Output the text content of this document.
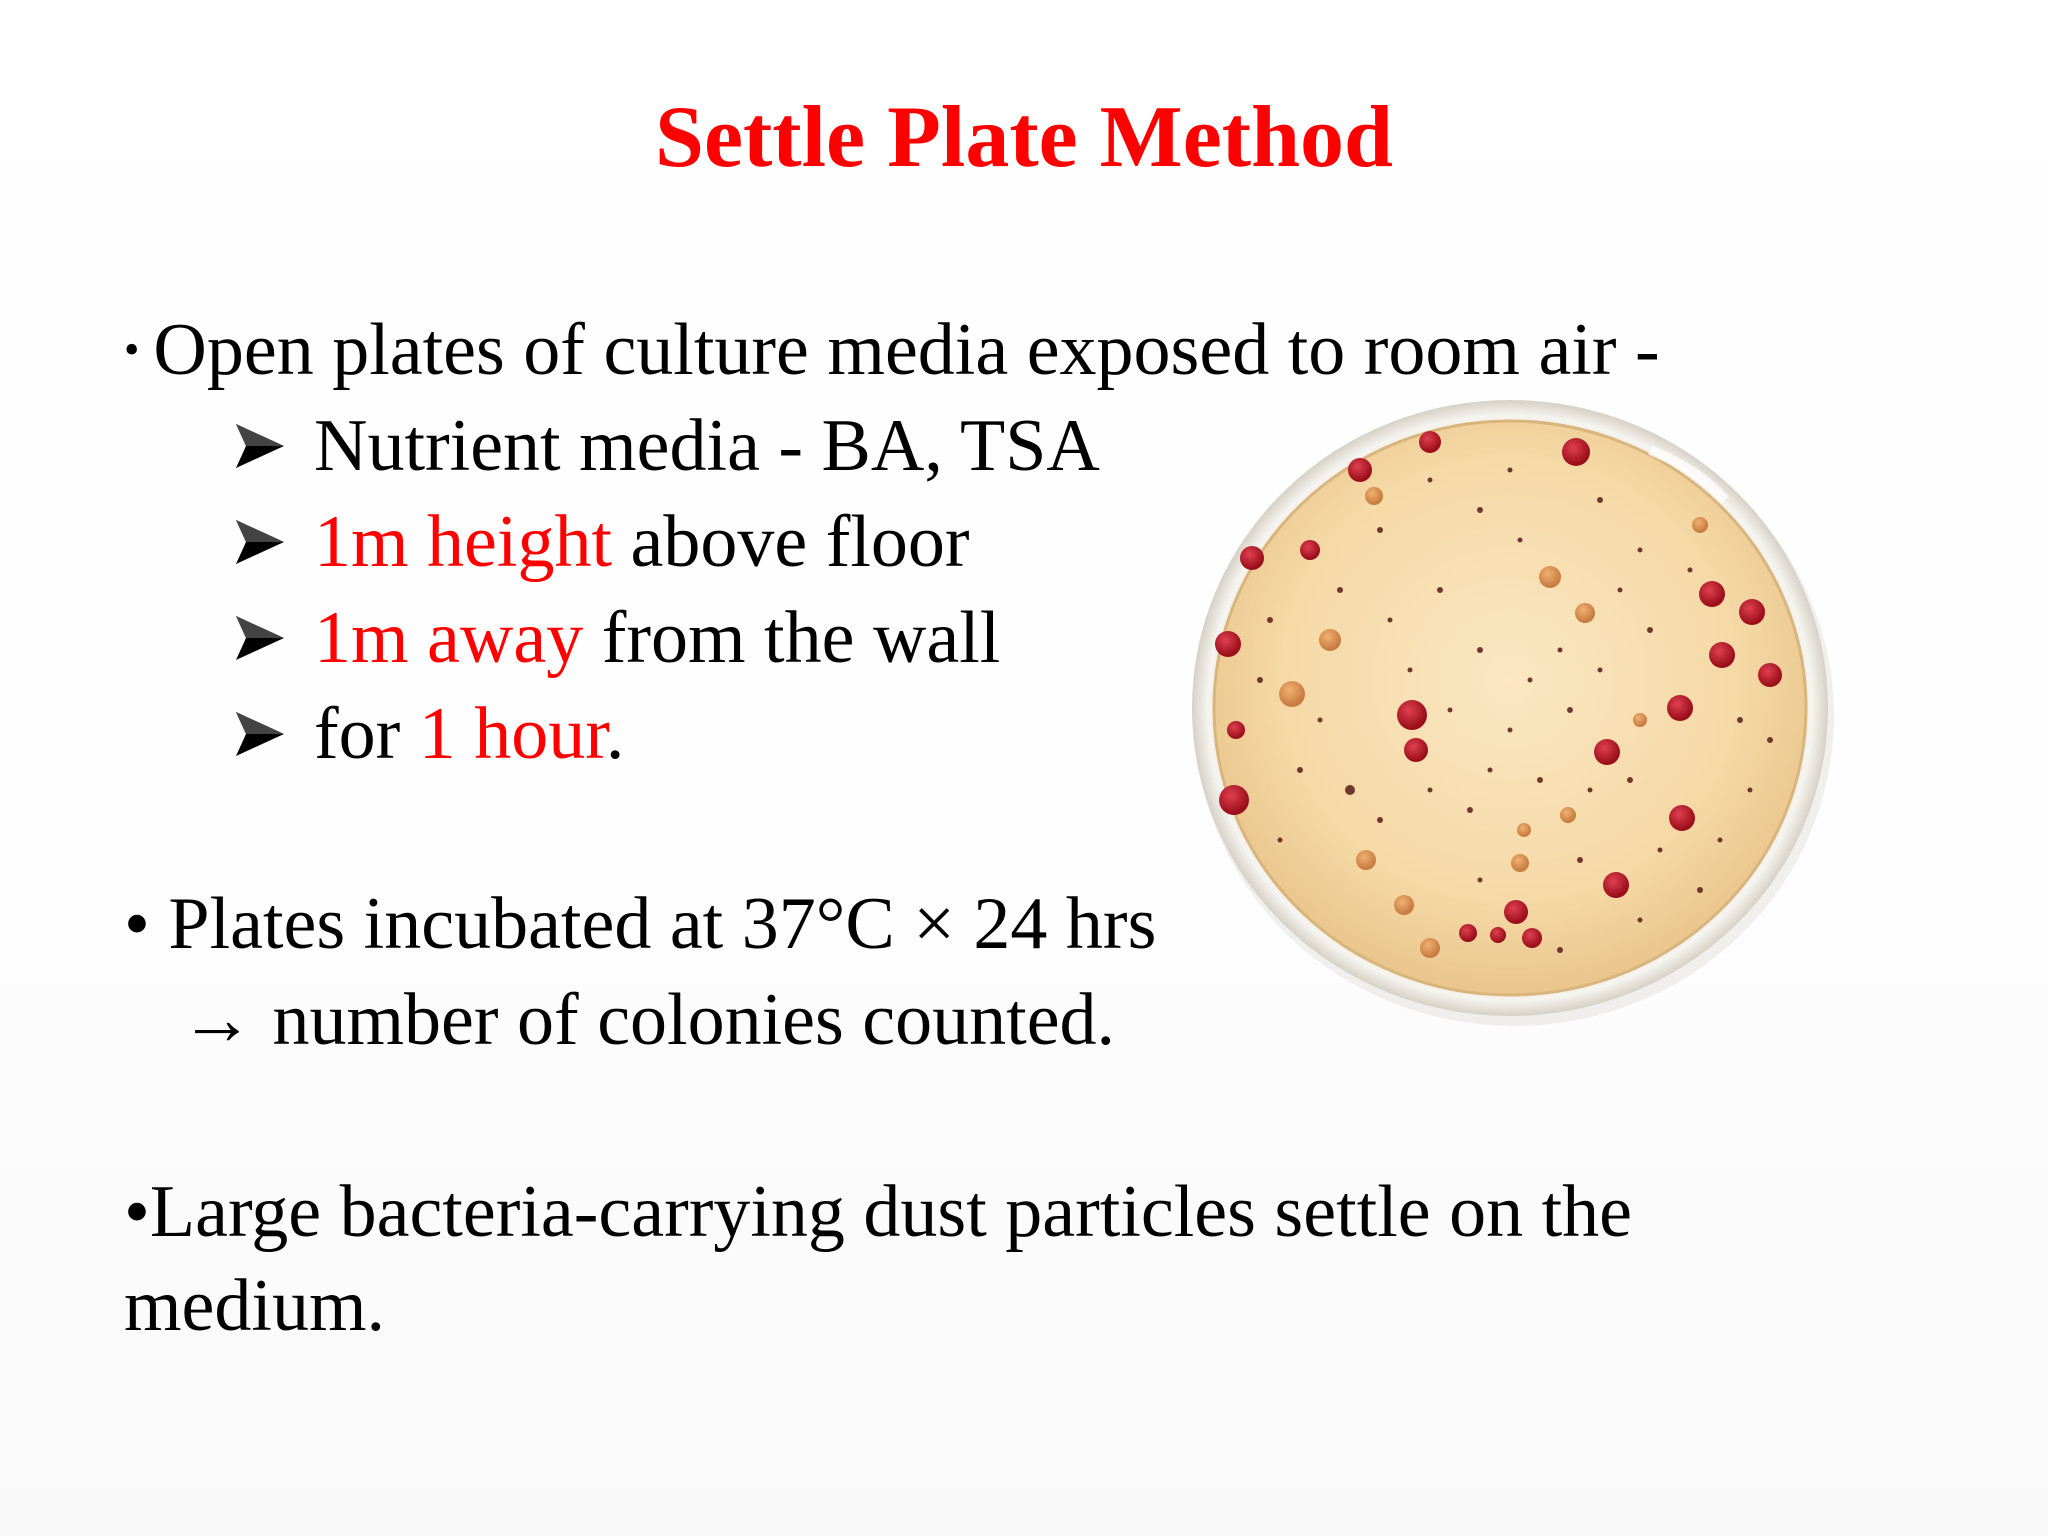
Settle Plate Method
• Open plates of culture media exposed to room air -
Nutrient media - BA, TSA
1m height above floor
1m away from the wall
for 1 hour.
• Plates incubated at 37°C × 24 hrs
→ number of colonies counted.
•Large bacteria-carrying dust particles settle on the
medium.
